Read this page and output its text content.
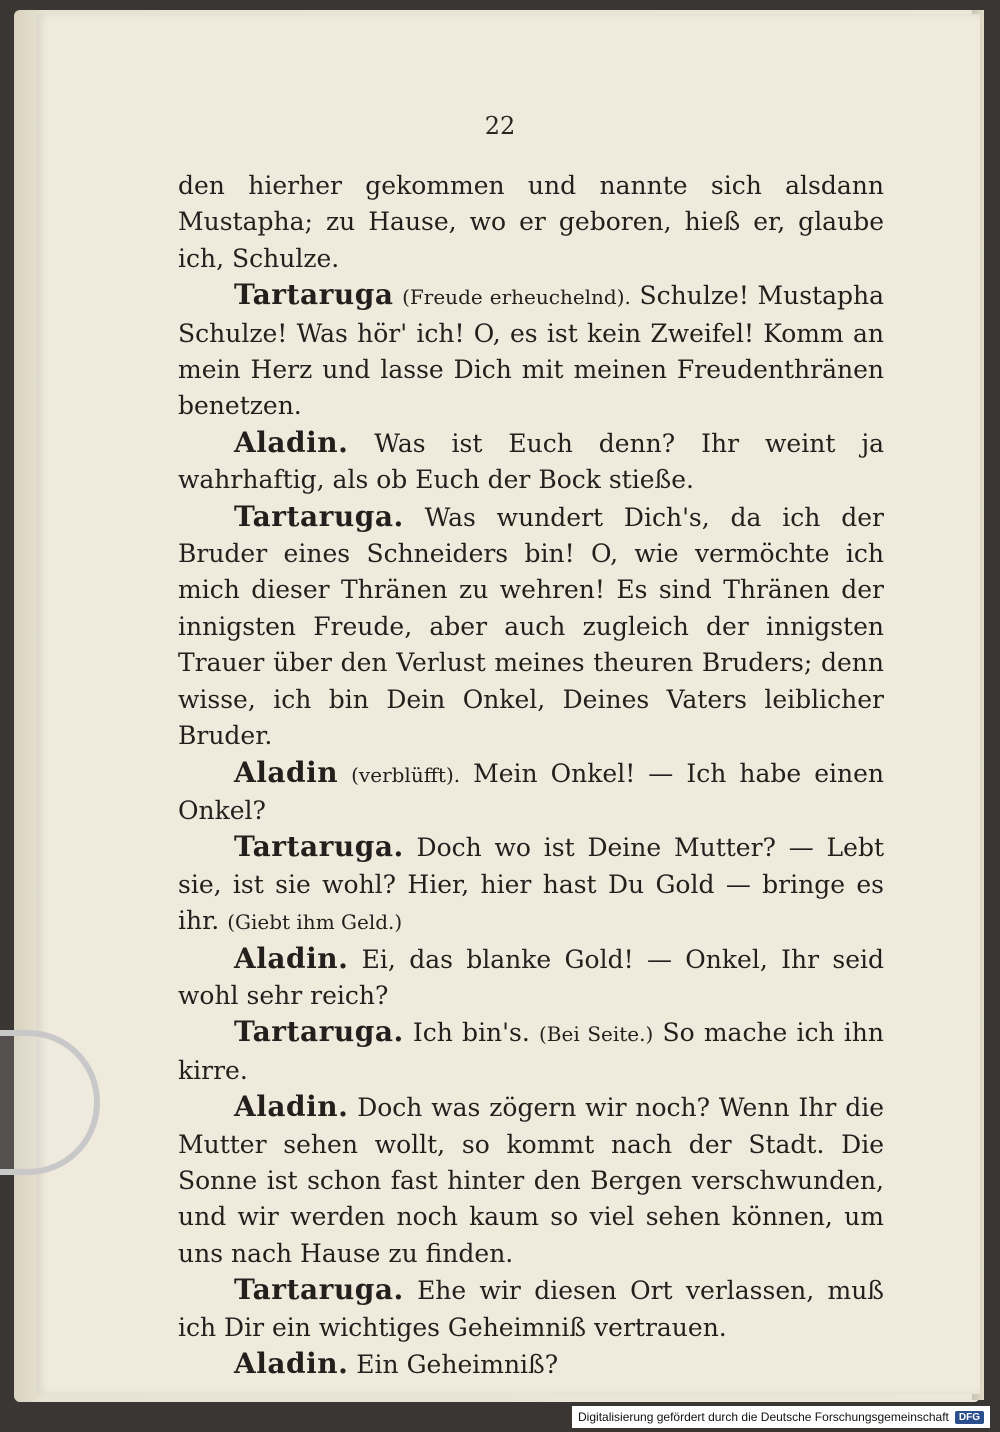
22

den hierher gekommen und nannte sich alsdann Mustapha; zu Hause, wo er geboren, hieß er, glaube ich, Schulze.

Tartaruga (Freude erheuchelnd). Schulze! Mustapha Schulze! Was hör' ich! O, es ist kein Zweifel! Komm an mein Herz und lasse Dich mit meinen Freudenthränen benetzen.

Aladin. Was ist Euch denn? Ihr weint ja wahrhaftig, als ob Euch der Bock stieße.

Tartaruga. Was wundert Dich's, da ich der Bruder eines Schneiders bin! O, wie vermöchte ich mich dieser Thränen zu wehren! Es sind Thränen der innigsten Freude, aber auch zugleich der innigsten Trauer über den Verlust meines theuren Bruders; denn wisse, ich bin Dein Onkel, Deines Vaters leiblicher Bruder.

Aladin (verblüfft). Mein Onkel! — Ich habe einen Onkel?

Tartaruga. Doch wo ist Deine Mutter? — Lebt sie, ist sie wohl? Hier, hier hast Du Gold — bringe es ihr. (Giebt ihm Geld.)

Aladin. Ei, das blanke Gold! — Onkel, Ihr seid wohl sehr reich?

Tartaruga. Ich bin's. (Bei Seite.) So mache ich ihn kirre.

Aladin. Doch was zögern wir noch? Wenn Ihr die Mutter sehen wollt, so kommt nach der Stadt. Die Sonne ist schon fast hinter den Bergen verschwunden, und wir werden noch kaum so viel sehen können, um uns nach Hause zu finden.

Tartaruga. Ehe wir diesen Ort verlassen, muß ich Dir ein wichtiges Geheimniß vertrauen.

Aladin. Ein Geheimniß?

Digitalisierung gefördert durch die Deutsche Forschungsgemeinschaft	DFG
